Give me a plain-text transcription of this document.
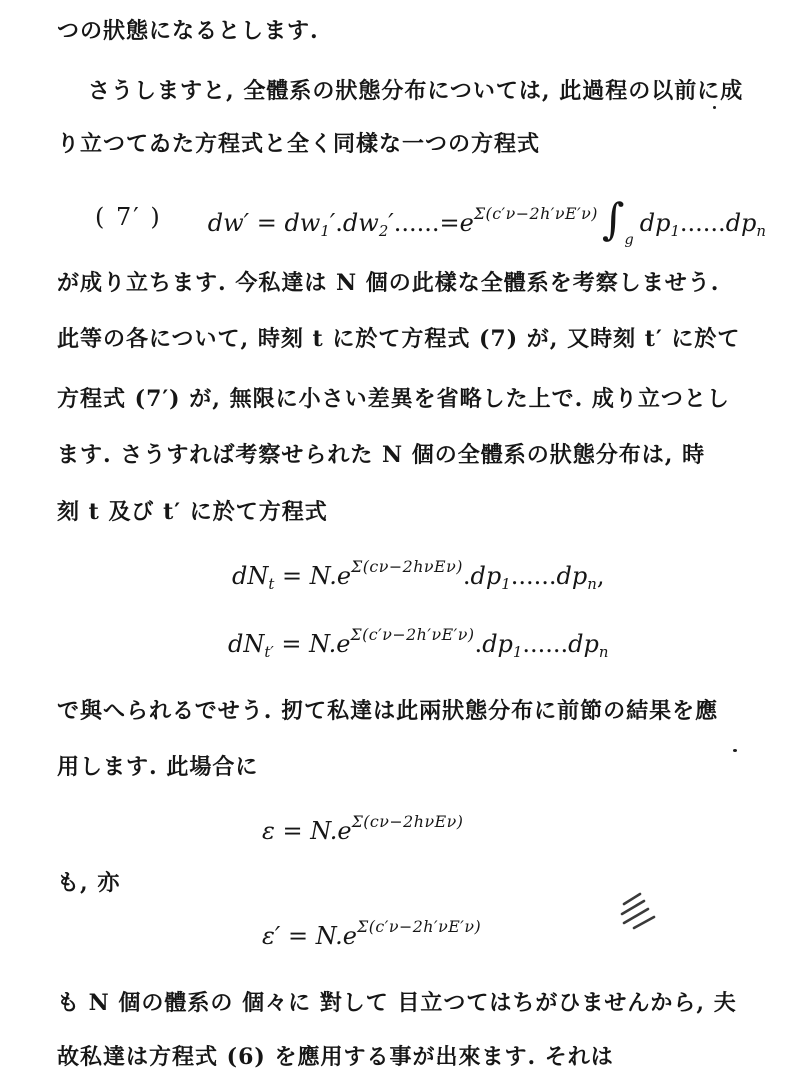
つの狀態になるとします.
さうしますと, 全體系の狀態分布については, 此過程の以前に成
り立つてゐた方程式と全く同樣な一つの方程式
( 7′ ) $dw' = dw_1'.dw_2'......=e^{\Sigma(c'\nu-2h'\nu E'\nu)}\int_gdp_1......dp_n$
が成り立ちます. 今私達は N 個の此樣な全體系を考察しませう.
此等の各について, 時刻 t に於て方程式 (7) が, 又時刻 t′ に於て
方程式 (7′) が, 無限に小さい差異を省略した上で. 成り立つとし
ます. さうすれば考察せられた N 個の全體系の狀態分布は, 時
刻 t 及び t′ に於て方程式
$dN_t = N.e^{\Sigma(c\nu-2h\nu E\nu)}.dp_1......dp_n$,
$dN_{t'} = N.e^{\Sigma(c'\nu-2h'\nu E'\nu)}.dp_1......dp_n$
で與へられるでせう. 扨て私達は此兩狀態分布に前節の結果を應
用します. 此場合に
$\varepsilon = N.e^{\Sigma(c\nu-2h\nu E\nu)}$
も, 亦
$\varepsilon' = N.e^{\Sigma(c'\nu-2h'\nu E'\nu)}$
も N 個の體系の 個々に 對して 目立つてはちがひませんから, 夫
故私達は方程式 (6) を應用する事が出來ます. それは
